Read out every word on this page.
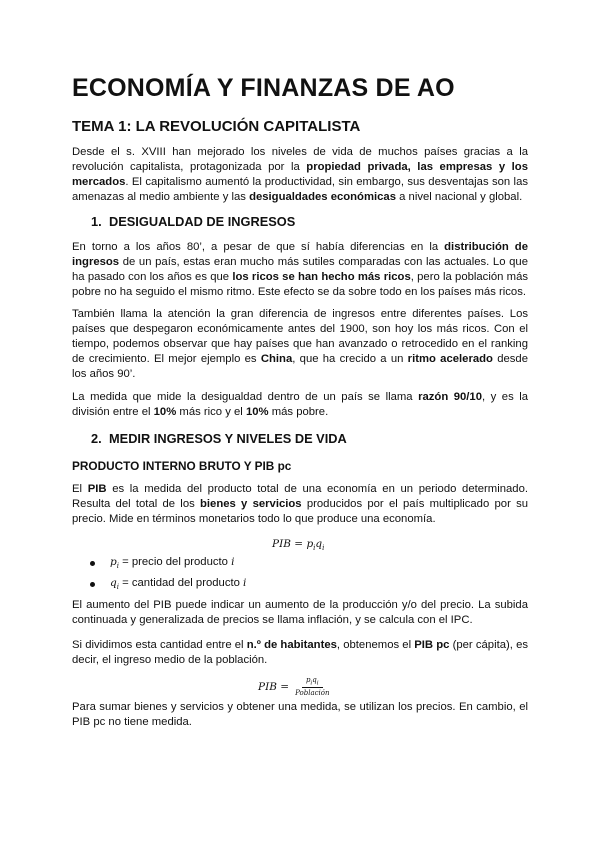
ECONOMÍA Y FINANZAS DE AO
TEMA 1: LA REVOLUCIÓN CAPITALISTA

Desde el s. XVIII han mejorado los niveles de vida de muchos países gracias a la revolución capitalista, protagonizada por la propiedad privada, las empresas y los mercados. El capitalismo aumentó la productividad, sin embargo, sus desventajas son las amenazas al medio ambiente y las desigualdades económicas a nivel nacional y global.

1. DESIGUALDAD DE INGRESOS

En torno a los años 80’, a pesar de que sí había diferencias en la distribución de ingresos de un país, estas eran mucho más sutiles comparadas con las actuales. Lo que ha pasado con los años es que los ricos se han hecho más ricos, pero la población más pobre no ha seguido el mismo ritmo. Este efecto se da sobre todo en los países más ricos.

También llama la atención la gran diferencia de ingresos entre diferentes países. Los países que despegaron económicamente antes del 1900, son hoy los más ricos. Con el tiempo, podemos observar que hay países que han avanzado o retrocedido en el ranking de crecimiento. El mejor ejemplo es China, que ha crecido a un ritmo acelerado desde los años 90’.

La medida que mide la desigualdad dentro de un país se llama razón 90/10, y es la división entre el 10% más rico y el 10% más pobre.

2. MEDIR INGRESOS Y NIVELES DE VIDA
PRODUCTO INTERNO BRUTO Y PIB pc

El PIB es la medida del producto total de una economía en un periodo determinado. Resulta del total de los bienes y servicios producidos por el país multiplicado por su precio. Mide en términos monetarios todo lo que produce una economía.

PIB = $p_iq_i$
$p_i$ = precio del producto i
$q_i$ = cantidad del producto i

El aumento del PIB puede indicar un aumento de la producción y/o del precio. La subida continuada y generalizada de precios se llama inflación, y se calcula con el IPC.

Si dividimos esta cantidad entre el n.º de habitantes, obtenemos el PIB pc (per cápita), es decir, el ingreso medio de la población.

PIB
= $\frac{p_iq_i}{\text{Población}}$

Para sumar bienes y servicios y obtener una medida, se utilizan los precios. En cambio, el PIB pc no tiene medida.
